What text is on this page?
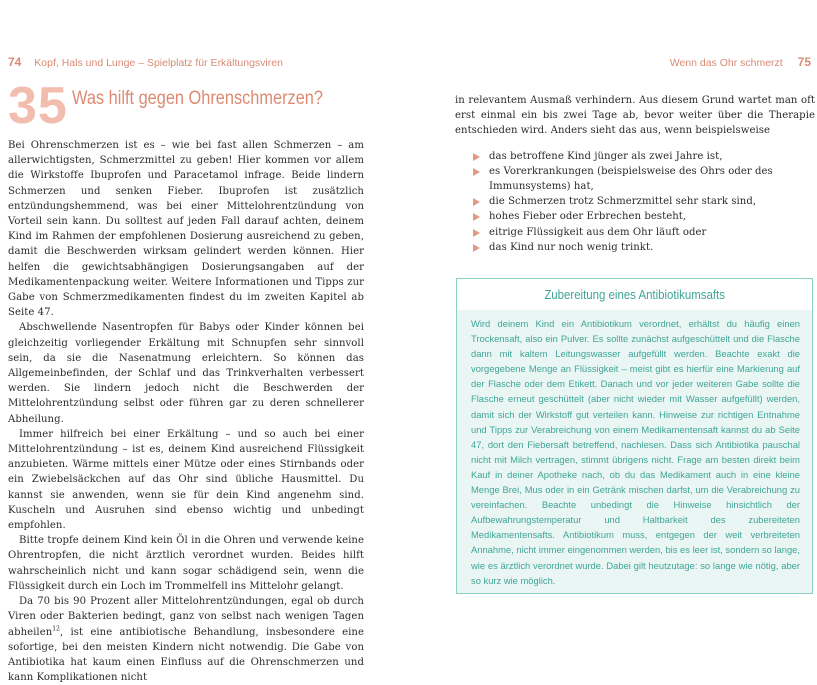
74 Kopf, Hals und Lunge – Spielplatz für Erkältungsviren	Wenn das Ohr schmerzt 75
35 Was hilft gegen Ohrenschmerzen?

Bei Ohrenschmerzen ist es – wie bei fast allen Schmerzen – am allerwichtigsten, Schmerzmittel zu geben! Hier kommen vor allem die Wirkstoffe Ibuprofen und Paracetamol infrage. Beide lindern Schmerzen und senken Fieber. Ibuprofen ist zusätzlich entzündungshemmend, was bei einer Mittelohrentzündung von Vorteil sein kann. Du solltest auf jeden Fall darauf achten, deinem Kind im Rahmen der empfohlenen Dosierung ausreichend zu geben, damit die Beschwerden wirksam gelindert werden können. Hier helfen die gewichtsabhängigen Dosierungsangaben auf der Medikamentenpackung weiter. Weitere Informationen und Tipps zur Gabe von Schmerzmedikamenten findest du im zweiten Kapitel ab Seite 47.

Abschwellende Nasentropfen für Babys oder Kinder können bei gleichzeitig vorliegender Erkältung mit Schnupfen sehr sinnvoll sein, da sie die Nasenatmung erleichtern. So können das Allgemeinbefinden, der Schlaf und das Trinkverhalten verbessert werden. Sie lindern jedoch nicht die Beschwerden der Mittelohrentzündung selbst oder führen gar zu deren schnellerer Abheilung.

Immer hilfreich bei einer Erkältung – und so auch bei einer Mittelohrentzündung – ist es, deinem Kind ausreichend Flüssigkeit anzubieten. Wärme mittels einer Mütze oder eines Stirnbands oder ein Zwiebelsäckchen auf das Ohr sind übliche Hausmittel. Du kannst sie anwenden, wenn sie für dein Kind angenehm sind. Kuscheln und Ausruhen sind ebenso wichtig und unbedingt empfohlen.

Bitte tropfe deinem Kind kein Öl in die Ohren und verwende keine Ohrentropfen, die nicht ärztlich verordnet wurden. Beides hilft wahrscheinlich nicht und kann sogar schädigend sein, wenn die Flüssigkeit durch ein Loch im Trommelfell ins Mittelohr gelangt.

Da 70 bis 90 Prozent aller Mittelohrentzündungen, egal ob durch Viren oder Bakterien bedingt, ganz von selbst nach wenigen Tagen abheilen$^{12}$, ist eine antibiotische Behandlung, insbesondere eine sofortige, bei den meisten Kindern nicht notwendig. Die Gabe von Antibiotika hat kaum einen Einfluss auf die Ohrenschmerzen und kann Komplikationen nicht

in relevantem Ausmaß verhindern. Aus diesem Grund wartet man oft erst einmal ein bis zwei Tage ab, bevor weiter über die Therapie entschieden wird. Anders sieht das aus, wenn beispielsweise

das betroffene Kind jünger als zwei Jahre ist,
es Vorerkrankungen (beispielsweise des Ohrs oder des Immunsystems) hat,
die Schmerzen trotz Schmerzmittel sehr stark sind,
hohes Fieber oder Erbrechen besteht,
eitrige Flüssigkeit aus dem Ohr läuft oder
das Kind nur noch wenig trinkt.
Zubereitung eines Antibiotikumsafts

Wird deinem Kind ein Antibiotikum verordnet, erhältst du häufig einen Trockensaft, also ein Pulver. Es sollte zunächst aufgeschüttelt und die Flasche dann mit kaltem Leitungswasser aufgefüllt werden. Beachte exakt die vorgegebene Menge an Flüssigkeit – meist gibt es hierfür eine Markierung auf der Flasche oder dem Etikett. Danach und vor jeder weiteren Gabe sollte die Flasche erneut geschüttelt (aber nicht wieder mit Wasser aufgefüllt) werden, damit sich der Wirkstoff gut verteilen kann. Hinweise zur richtigen Entnahme und Tipps zur Verabreichung von einem Medikamentensaft kannst du ab Seite 47, dort den Fiebersaft betreffend, nachlesen. Dass sich Antibiotika pauschal nicht mit Milch vertragen, stimmt übrigens nicht. Frage am besten direkt beim Kauf in deiner Apotheke nach, ob du das Medikament auch in eine kleine Menge Brei, Mus oder in ein Getränk mischen darfst, um die Verabreichung zu vereinfachen. Beachte unbedingt die Hinweise hinsichtlich der Aufbewahrungstemperatur und Haltbarkeit des zubereiteten Medikamentensafts. Antibiotikum muss, entgegen der weit verbreiteten Annahme, nicht immer eingenommen werden, bis es leer ist, sondern so lange, wie es ärztlich verordnet wurde. Dabei gilt heutzutage: so lange wie nötig, aber so kurz wie möglich.
